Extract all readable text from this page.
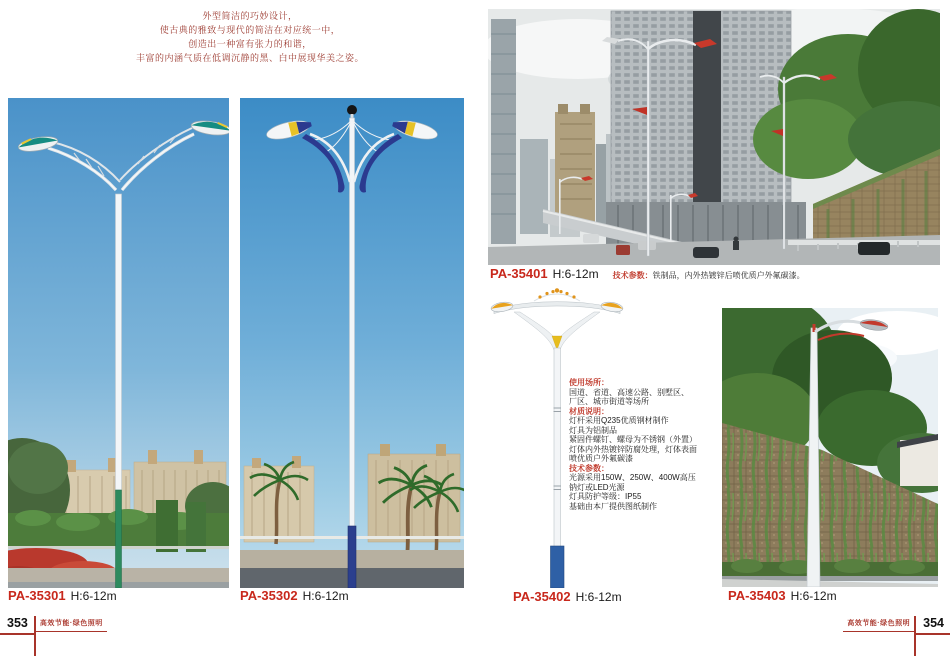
外型简洁的巧妙设计，
使古典的雅致与现代的简洁在对应统一中，
创造出一种富有张力的和谐，
丰富的内涵气质在低调沉静的黑、白中展现华美之姿。
PA-35401 H:6-12m 技术参数：铁制品，内外热镀锌后喷优质户外氟碳漆。
使用场所：
国道、省道、高速公路、别墅区、
厂区、城市街道等场所
材质说明：
灯杆采用Q235优质钢材制作
灯具为铝制品
紧固件螺钉、螺母为不锈钢（外置）
灯体内外热镀锌防腐处理，灯体表面
喷优质户外氟碳漆
技术参数：
光源采用150W、250W、400W高压
钠灯或LED光源
灯具防护等级：IP55
基础由本厂提供图纸制作
PA-35301 H:6-12m	PA-35302 H:6-12m	PA-35402 H:6-12m	PA-35403 H:6-12m
353	高效节能·绿色照明	高效节能·绿色照明	354
